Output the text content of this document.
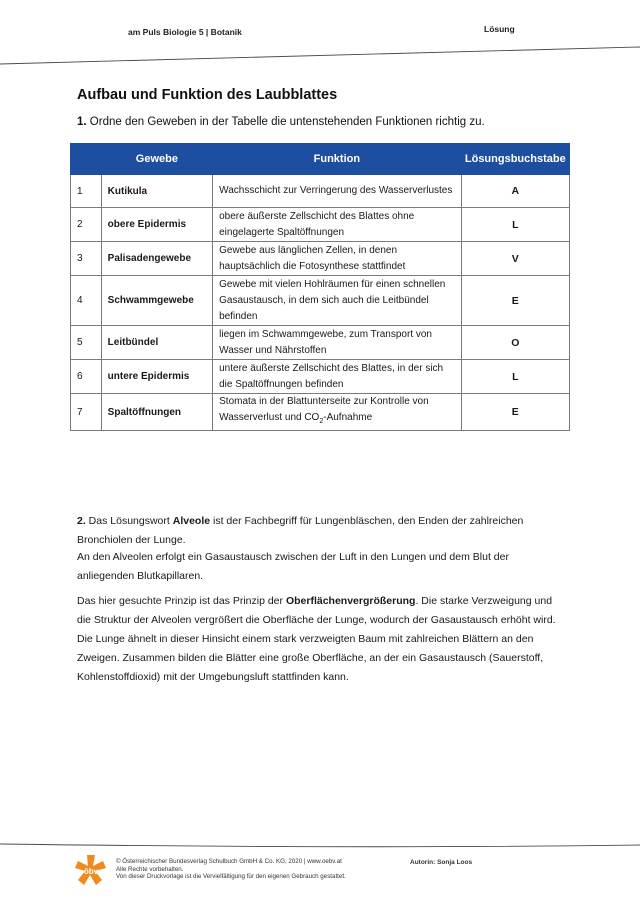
am Puls Biologie 5 | Botanik	Lösung
Aufbau und Funktion des Laubblattes
1. Ordne den Geweben in der Tabelle die untenstehenden Funktionen richtig zu.
	Gewebe	Funktion	Lösungsbuchstabe
1	Kutikula	Wachsschicht zur Verringerung des Wasserverlustes	A
2	obere Epidermis	obere äußerste Zellschicht des Blattes ohne eingelagerte Spaltöffnungen	L
3	Palisadengewebe	Gewebe aus länglichen Zellen, in denen hauptsächlich die Fotosynthese stattfindet	V
4	Schwammgewebe	Gewebe mit vielen Hohlräumen für einen schnellen Gasaustausch, in dem sich auch die Leitbündel befinden	E
5	Leitbündel	liegen im Schwammgewebe, zum Transport von Wasser und Nährstoffen	O
6	untere Epidermis	untere äußerste Zellschicht des Blattes, in der sich die Spaltöffnungen befinden	L
7	Spaltöffnungen	Stomata in der Blattunterseite zur Kontrolle von Wasserverlust und $CO_2$-Aufnahme	E
2. Das Lösungswort Alveole ist der Fachbegriff für Lungenbläschen, den Enden der zahlreichen Bronchiolen der Lunge.
An den Alveolen erfolgt ein Gasaustausch zwischen der Luft in den Lungen und dem Blut der anliegenden Blutkapillaren.
Das hier gesuchte Prinzip ist das Prinzip der Oberflächenvergrößerung. Die starke Verzweigung und die Struktur der Alveolen vergrößert die Oberfläche der Lunge, wodurch der Gasaustausch erhöht wird. Die Lunge ähnelt in dieser Hinsicht einem stark verzweigten Baum mit zahlreichen Blättern an den Zweigen. Zusammen bilden die Blätter eine große Oberfläche, an der ein Gasaustausch (Sauerstoff, Kohlenstoffdioxid) mit der Umgebungsluft stattfinden kann.
öbv
© Österreichischer Bundesverlag Schulbuch GmbH & Co. KG, 2020 | www.oebv.at
Alle Rechte vorbehalten.
Von dieser Druckvorlage ist die Vervielfältigung für den eigenen Gebrauch gestattet.
Autorin: Sonja Loos
